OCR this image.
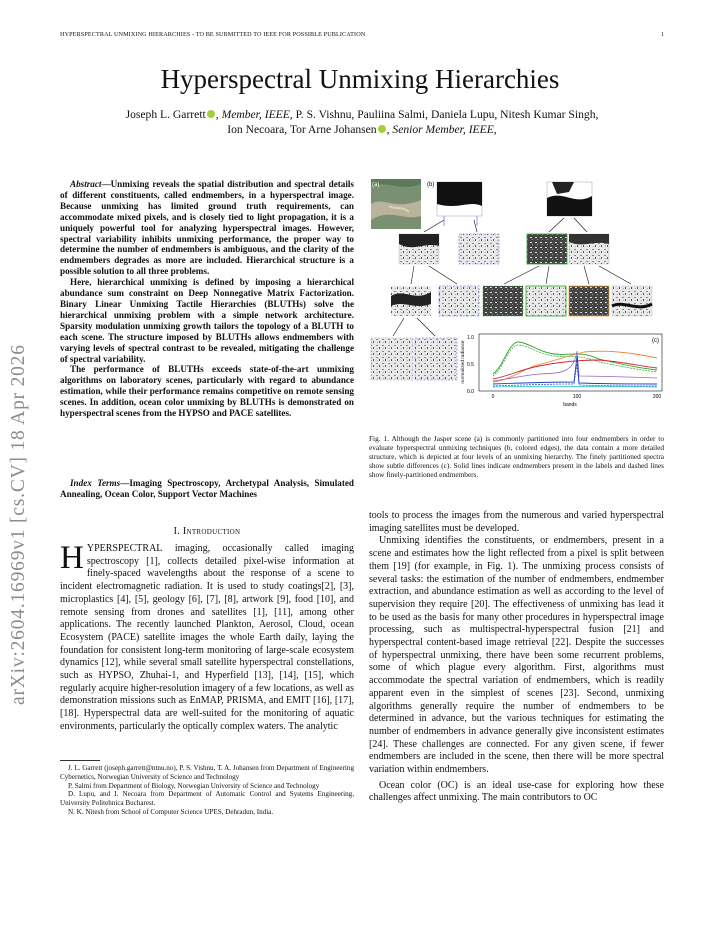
HYPERSPECTRAL UNMIXING HIERARCHIES - TO BE SUBMITTED TO IEEE FOR POSSIBLE PUBLICATION	1
Hyperspectral Unmixing Hierarchies
Joseph L. Garrett , Member, IEEE, P. S. Vishnu, Pauliina Salmi, Daniela Lupu, Nitesh Kumar Singh,
Ion Necoara, Tor Arne Johansen , Senior Member, IEEE,
arXiv:2604.16969v1 [cs.CV] 18 Apr 2026

Abstract—Unmixing reveals the spatial distribution and spectral details of different constituents, called endmembers, in a hyperspectral image. Because unmixing has limited ground truth requirements, can accommodate mixed pixels, and is closely tied to light propagation, it is a uniquely powerful tool for analyzing hyperspectral images. However, spectral variability inhibits unmixing performance, the proper way to determine the number of endmembers is ambiguous, and the clarity of the endmembers degrades as more are included. Hierarchical structure is a possible solution to all three problems.

Here, hierarchical unmixing is defined by imposing a hierarchical abundance sum constraint on Deep Nonnegative Matrix Factorization. Binary Linear Unmixing Tactile Hierarchies (BLUTHs) solve the hierarchical unmixing problem with a simple network architecture. Sparsity modulation unmixing growth tailors the topology of a BLUTH to each scene. The structure imposed by BLUTHs allows endmembers with varying levels of spectral contrast to be revealed, mitigating the challenge of spectral variability.

The performance of BLUTHs exceeds state-of-the-art unmixing algorithms on laboratory scenes, particularly with regard to abundance estimation, while their performance remains competitive on remote sensing scenes. In addition, ocean color unmixing by BLUTHs is demonstrated on hyperspectral scenes from the HYPSO and PACE satellites.

Index Terms—Imaging Spectroscopy, Archetypal Analysis, Simulated Annealing, Ocean Color, Support Vector Machines
I. Introduction

HYPERSPECTRAL imaging, occasionally called imaging spectroscopy [1], collects detailed pixel-wise information at finely-spaced wavelengths about the response of a scene to incident electromagnetic radiation. It is used to study coatings[2], [3], microplastics [4], [5], geology [6], [7], [8], artwork [9], food [10], and remote sensing from drones and satellites [1], [11], among other applications. The recently launched Plankton, Aerosol, Cloud, ocean Ecosystem (PACE) satellite images the whole Earth daily, laying the foundation for consistent long-term monitoring of large-scale ecosystem dynamics [12], while several small satellite hyperspectral constellations, such as HYPSO, Zhuhai-1, and Hyperfield [13], [14], [15], which regularly acquire higher-resolution imagery of a few locations, as well as demonstration missions such as EnMAP, PRISMA, and EMIT [16], [17], [18]. Hyperspectral data are well-suited for the monitoring of aquatic environments, particularly the optically complex waters. The analytic

J. L. Garrett (joseph.garrett@ntnu.no), P. S. Vishnu, T. A. Johansen from Department of Engineering Cybernetics, Norwegian University of Science and Technology

P. Salmi from Department of Biology, Norwegian University of Science and Technology

D. Lupu, and I. Necoara from Department of Automatic Control and Systems Engineering, University Politehnica Bucharest.

N. K. Nitesh from School of Computer Science UPES, Dehradun, India.

(a)	(b)
(c)
normalized radiance
bands
0.0
0.5
1.0
0	100	200
Fig. 1. Although the Jasper scene (a) is commonly partitioned into four endmembers in order to evaluate hyperspectral unmixing techniques (b, colored edges), the data contain a more detailed structure, which is depicted at four levels of an unmixing hierarchy. The finely partitioned spectra show subtle differences (c). Solid lines indicate endmembers present in the labels and dashed lines show finely-partitioned endmembers.

tools to process the images from the numerous and varied hyperspectral imaging satellites must be developed.

Unmixing identifies the constituents, or endmembers, present in a scene and estimates how the light reflected from a pixel is split between them [19] (for example, in Fig. 1). The unmixing process consists of several tasks: the estimation of the number of endmembers, endmember extraction, and abundance estimation as well as according to the level of supervision they require [20]. The effectiveness of unmixing has lead it to be used as the basis for many other procedures in hyperspectral image processing, such as multispectral-hyperspectral fusion [21] and hyperspectral content-based image retrieval [22]. Despite the successes of hyperspectral unmixing, there have been some recurrent problems, some of which plague every algorithm. First, algorithms must accommodate the spectral variation of endmembers, which is readily apparent even in the simplest of scenes [23]. Second, unmixing algorithms generally require the number of endmembers to be determined in advance, but the various techniques for estimating the number of endmembers in advance generally give inconsistent estimates [24]. These challenges are connected. For any given scene, if fewer endmembers are included in the scene, then there will be more spectral variation within endmembers.

Ocean color (OC) is an ideal use-case for exploring how these challenges affect unmixing. The main contributors to OC
